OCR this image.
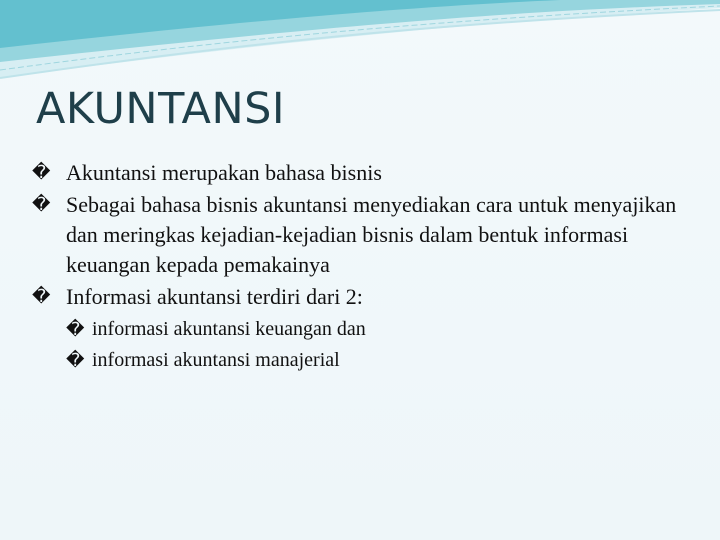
AKUNTANSI
� Akuntansi merupakan bahasa bisnis
� Sebagai bahasa bisnis akuntansi menyediakan cara untuk menyajikan dan meringkas kejadian-kejadian bisnis dalam bentuk informasi keuangan kepada pemakainya
� Informasi akuntansi terdiri dari 2:
� informasi akuntansi keuangan dan
� informasi akuntansi manajerial
